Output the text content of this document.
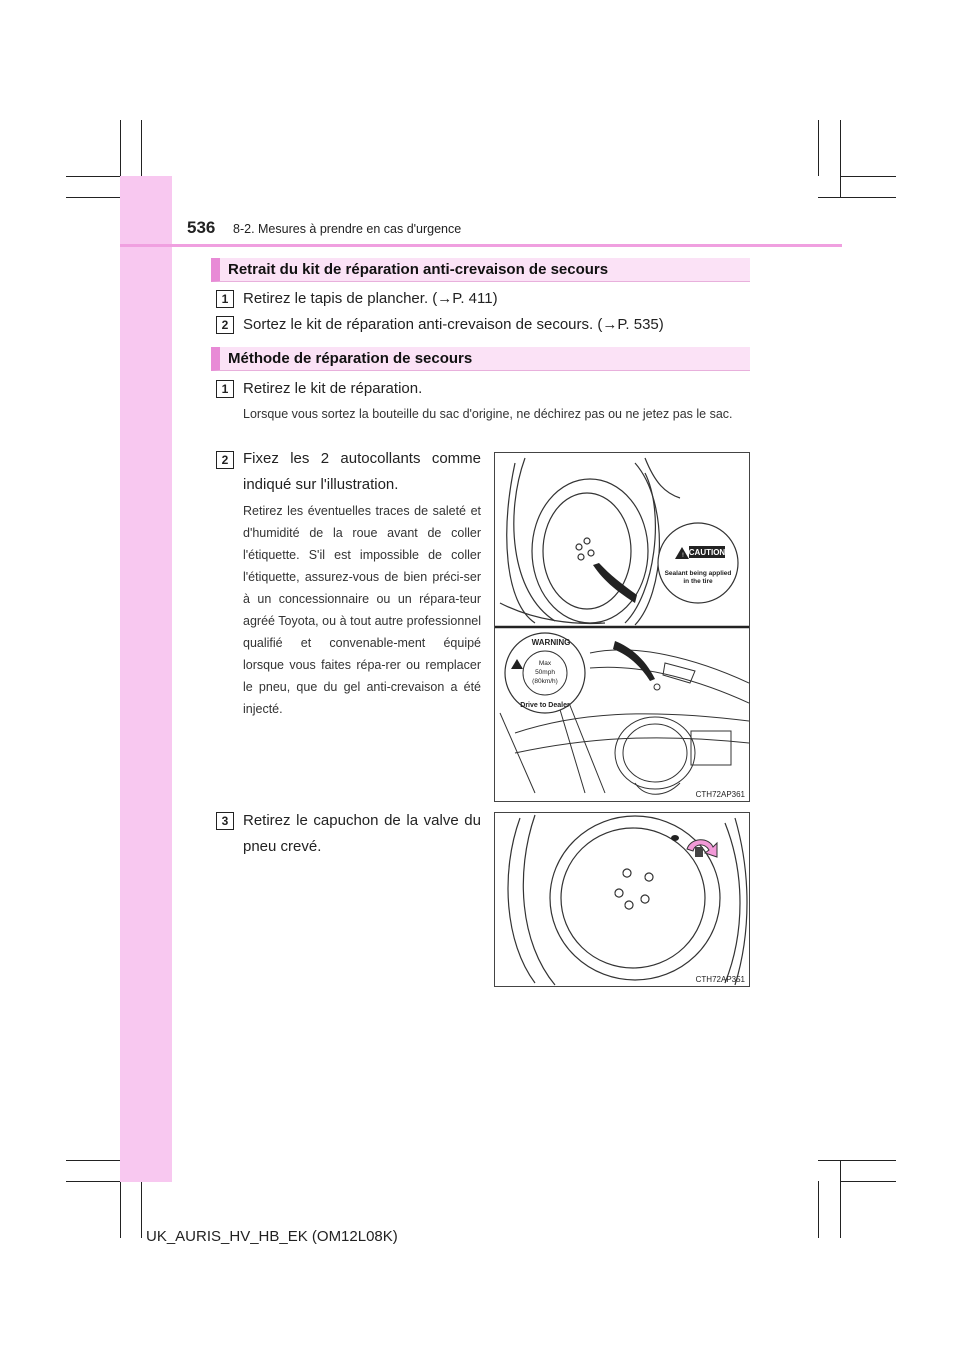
536 8-2. Mesures à prendre en cas d'urgence
Retrait du kit de réparation anti-crevaison de secours
1 Retirez le tapis de plancher. (→P. 411)
2 Sortez le kit de réparation anti-crevaison de secours. (→P. 535)
Méthode de réparation de secours
1 Retirez le kit de réparation.
Lorsque vous sortez la bouteille du sac d'origine, ne déchirez pas ou ne jetez pas le sac.
2 Fixez les 2 autocollants comme indiqué sur l'illustration.
Retirez les éventuelles traces de saleté et d'humidité de la roue avant de coller l'étiquette. S'il est impossible de coller l'étiquette, assurez-vous de bien préci-ser à un concessionnaire ou un répara-teur agréé Toyota, ou à tout autre professionnel qualifié et convenable-ment équipé lorsque vous faites répa-rer ou remplacer le pneu, que du gel anti-crevaison a été injecté.
! CAUTION
Sealant being applied
in the tire
WARNING
Max
50mph
(80km/h)
Drive to Dealer
CTH72AP361
3 Retirez le capuchon de la valve du pneu crevé.
CTH72AP351
UK_AURIS_HV_HB_EK (OM12L08K)
